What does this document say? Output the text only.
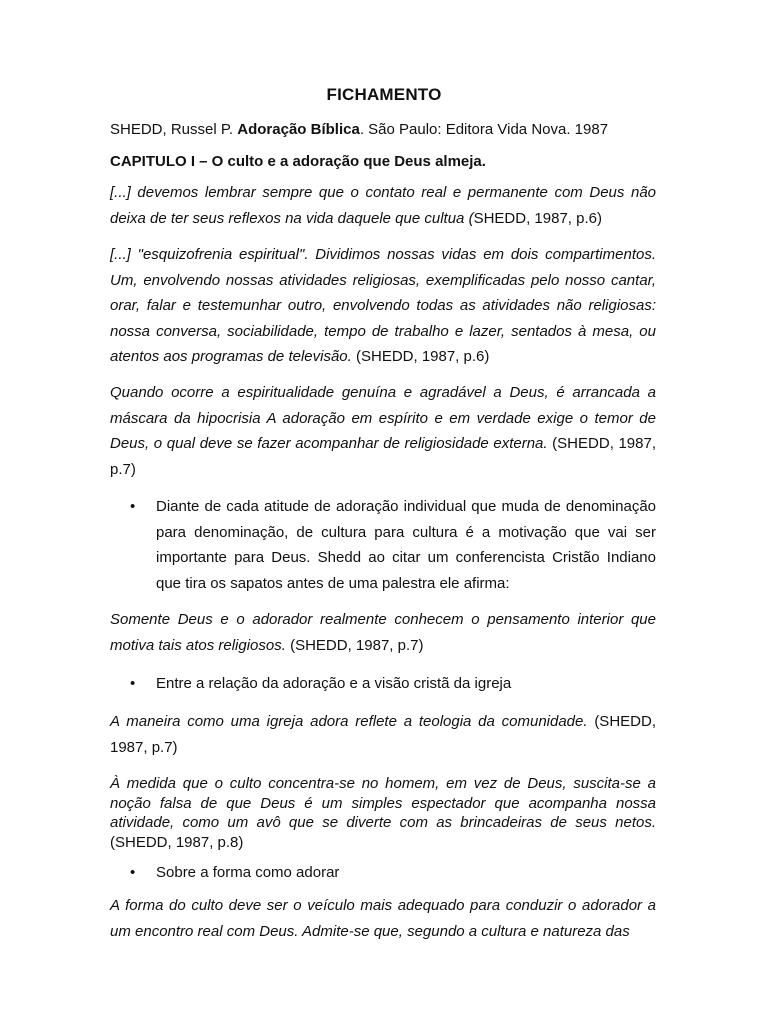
FICHAMENTO
SHEDD, Russel P. Adoração Bíblica. São Paulo: Editora Vida Nova. 1987
CAPITULO I – O culto e a adoração que Deus almeja.
[...] devemos lembrar sempre que o contato real e permanente com Deus não deixa de ter seus reflexos na vida daquele que cultua (SHEDD, 1987, p.6)
[...] "esquizofrenia espiritual". Dividimos nossas vidas em dois compartimentos. Um, envolvendo nossas atividades religiosas, exemplificadas pelo nosso cantar, orar, falar e testemunhar outro, envolvendo todas as atividades não religiosas: nossa conversa, sociabilidade, tempo de trabalho e lazer, sentados à mesa, ou atentos aos programas de televisão. (SHEDD, 1987, p.6)
Quando ocorre a espiritualidade genuína e agradável a Deus, é arrancada a máscara da hipocrisia A adoração em espírito e em verdade exige o temor de Deus, o qual deve se fazer acompanhar de religiosidade externa. (SHEDD, 1987, p.7)
•	Diante de cada atitude de adoração individual que muda de denominação para denominação, de cultura para cultura é a motivação que vai ser importante para Deus. Shedd ao citar um conferencista Cristão Indiano que tira os sapatos antes de uma palestra ele afirma:
Somente Deus e o adorador realmente conhecem o pensamento interior que motiva tais atos religiosos. (SHEDD, 1987, p.7)
•	Entre a relação da adoração e a visão cristã da igreja
A maneira como uma igreja adora reflete a teologia da comunidade. (SHEDD, 1987, p.7)
À medida que o culto concentra-se no homem, em vez de Deus, suscita-se a noção falsa de que Deus é um simples espectador que acompanha nossa atividade, como um avô que se diverte com as brincadeiras de seus netos. (SHEDD, 1987, p.8)
•	Sobre a forma como adorar
A forma do culto deve ser o veículo mais adequado para conduzir o adorador a um encontro real com Deus. Admite-se que, segundo a cultura e natureza das
